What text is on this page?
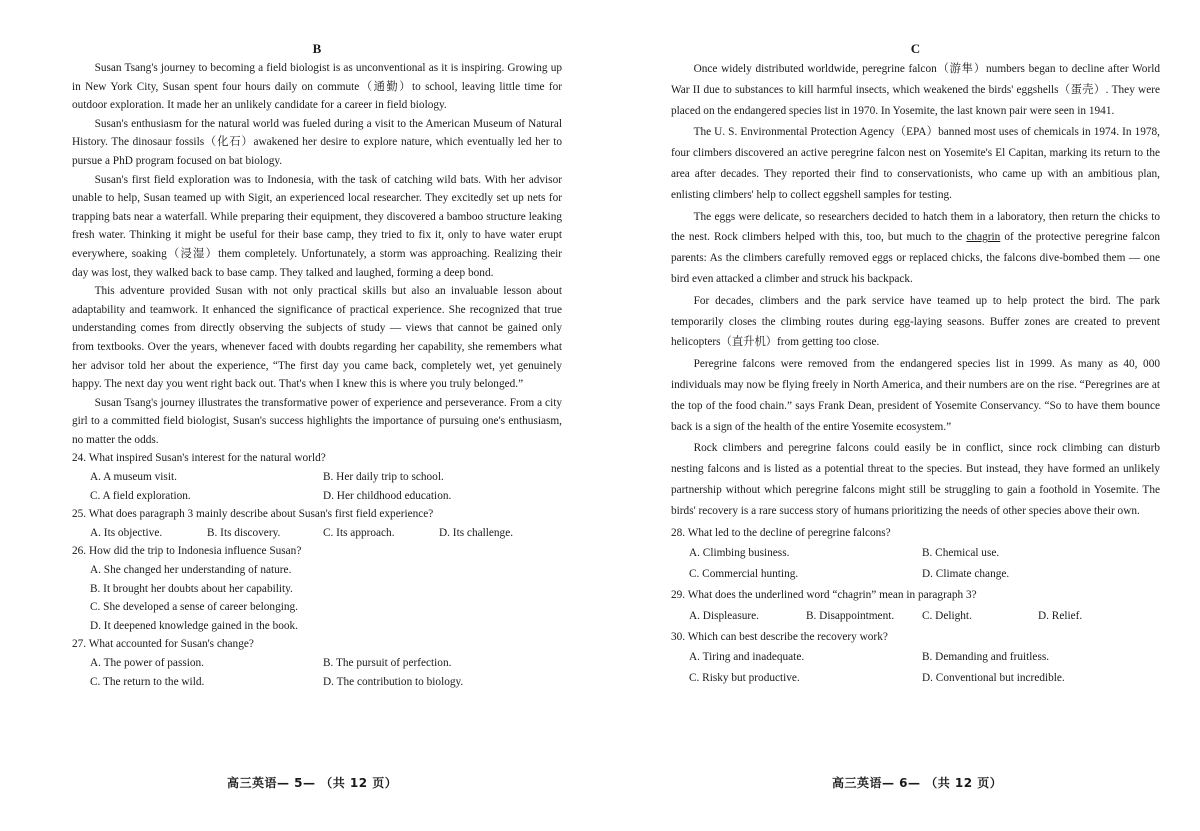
B

Susan Tsang's journey to becoming a field biologist is as unconventional as it is inspiring. Growing up in New York City, Susan spent four hours daily on commute（通勤）to school, leaving little time for outdoor exploration. It made her an unlikely candidate for a career in field biology.

Susan's enthusiasm for the natural world was fueled during a visit to the American Museum of Natural History. The dinosaur fossils（化石）awakened her desire to explore nature, which eventually led her to pursue a PhD program focused on bat biology.

Susan's first field exploration was to Indonesia, with the task of catching wild bats. With her advisor unable to help, Susan teamed up with Sigit, an experienced local researcher. They excitedly set up nets for trapping bats near a waterfall. While preparing their equipment, they discovered a bamboo structure leaking fresh water. Thinking it might be useful for their base camp, they tried to fix it, only to have water erupt everywhere, soaking（浸湿）them completely. Unfortunately, a storm was approaching. Realizing their day was lost, they walked back to base camp. They talked and laughed, forming a deep bond.

This adventure provided Susan with not only practical skills but also an invaluable lesson about adaptability and teamwork. It enhanced the significance of practical experience. She recognized that true understanding comes from directly observing the subjects of study — views that cannot be gained only from textbooks. Over the years, whenever faced with doubts regarding her capability, she remembers what her advisor told her about the experience, “The first day you came back, completely wet, yet genuinely happy. The next day you went right back out. That's when I knew this is where you truly belonged.”

Susan Tsang's journey illustrates the transformative power of experience and perseverance. From a city girl to a committed field biologist, Susan's success highlights the importance of pursuing one's enthusiasm, no matter the odds.

24. What inspired Susan's interest for the natural world?
A. A museum visit.	B. Her daily trip to school.
C. A field exploration.	D. Her childhood education.
25. What does paragraph 3 mainly describe about Susan's first field experience?
A. Its objective.	B. Its discovery.	C. Its approach.	D. Its challenge.
26. How did the trip to Indonesia influence Susan?
A. She changed her understanding of nature.
B. It brought her doubts about her capability.
C. She developed a sense of career belonging.
D. It deepened knowledge gained in the book.
27. What accounted for Susan's change?
A. The power of passion.	B. The pursuit of perfection.
C. The return to the wild.	D. The contribution to biology.
C

Once widely distributed worldwide, peregrine falcon（游隼）numbers began to decline after World War II due to substances to kill harmful insects, which weakened the birds' eggshells（蛋壳）. They were placed on the endangered species list in 1970. In Yosemite, the last known pair were seen in 1941.

The U. S. Environmental Protection Agency（EPA）banned most uses of chemicals in 1974. In 1978, four climbers discovered an active peregrine falcon nest on Yosemite's El Capitan, marking its return to the area after decades. They reported their find to conservationists, who came up with an ambitious plan, enlisting climbers' help to collect eggshell samples for testing.

The eggs were delicate, so researchers decided to hatch them in a laboratory, then return the chicks to the nest. Rock climbers helped with this, too, but much to the chagrin of the protective peregrine falcon parents: As the climbers carefully removed eggs or replaced chicks, the falcons dive-bombed them — one bird even attacked a climber and struck his backpack.

For decades, climbers and the park service have teamed up to help protect the bird. The park temporarily closes the climbing routes during egg-laying seasons. Buffer zones are created to prevent helicopters（直升机）from getting too close.

Peregrine falcons were removed from the endangered species list in 1999. As many as 40, 000 individuals may now be flying freely in North America, and their numbers are on the rise. “Peregrines are at the top of the food chain.” says Frank Dean, president of Yosemite Conservancy. “So to have them bounce back is a sign of the health of the entire Yosemite ecosystem.”

Rock climbers and peregrine falcons could easily be in conflict, since rock climbing can disturb nesting falcons and is listed as a potential threat to the species. But instead, they have formed an unlikely partnership without which peregrine falcons might still be struggling to gain a foothold in Yosemite. The birds' recovery is a rare success story of humans prioritizing the needs of other species above their own.

28. What led to the decline of peregrine falcons?
A. Climbing business.	B. Chemical use.
C. Commercial hunting.	D. Climate change.
29. What does the underlined word “chagrin” mean in paragraph 3?
A. Displeasure.	B. Disappointment.	C. Delight.	D. Relief.
30. Which can best describe the recovery work?
A. Tiring and inadequate.	B. Demanding and fruitless.
C. Risky but productive.	D. Conventional but incredible.
高三英语— 5— （共 12 页）	高三英语— 6— （共 12 页）
